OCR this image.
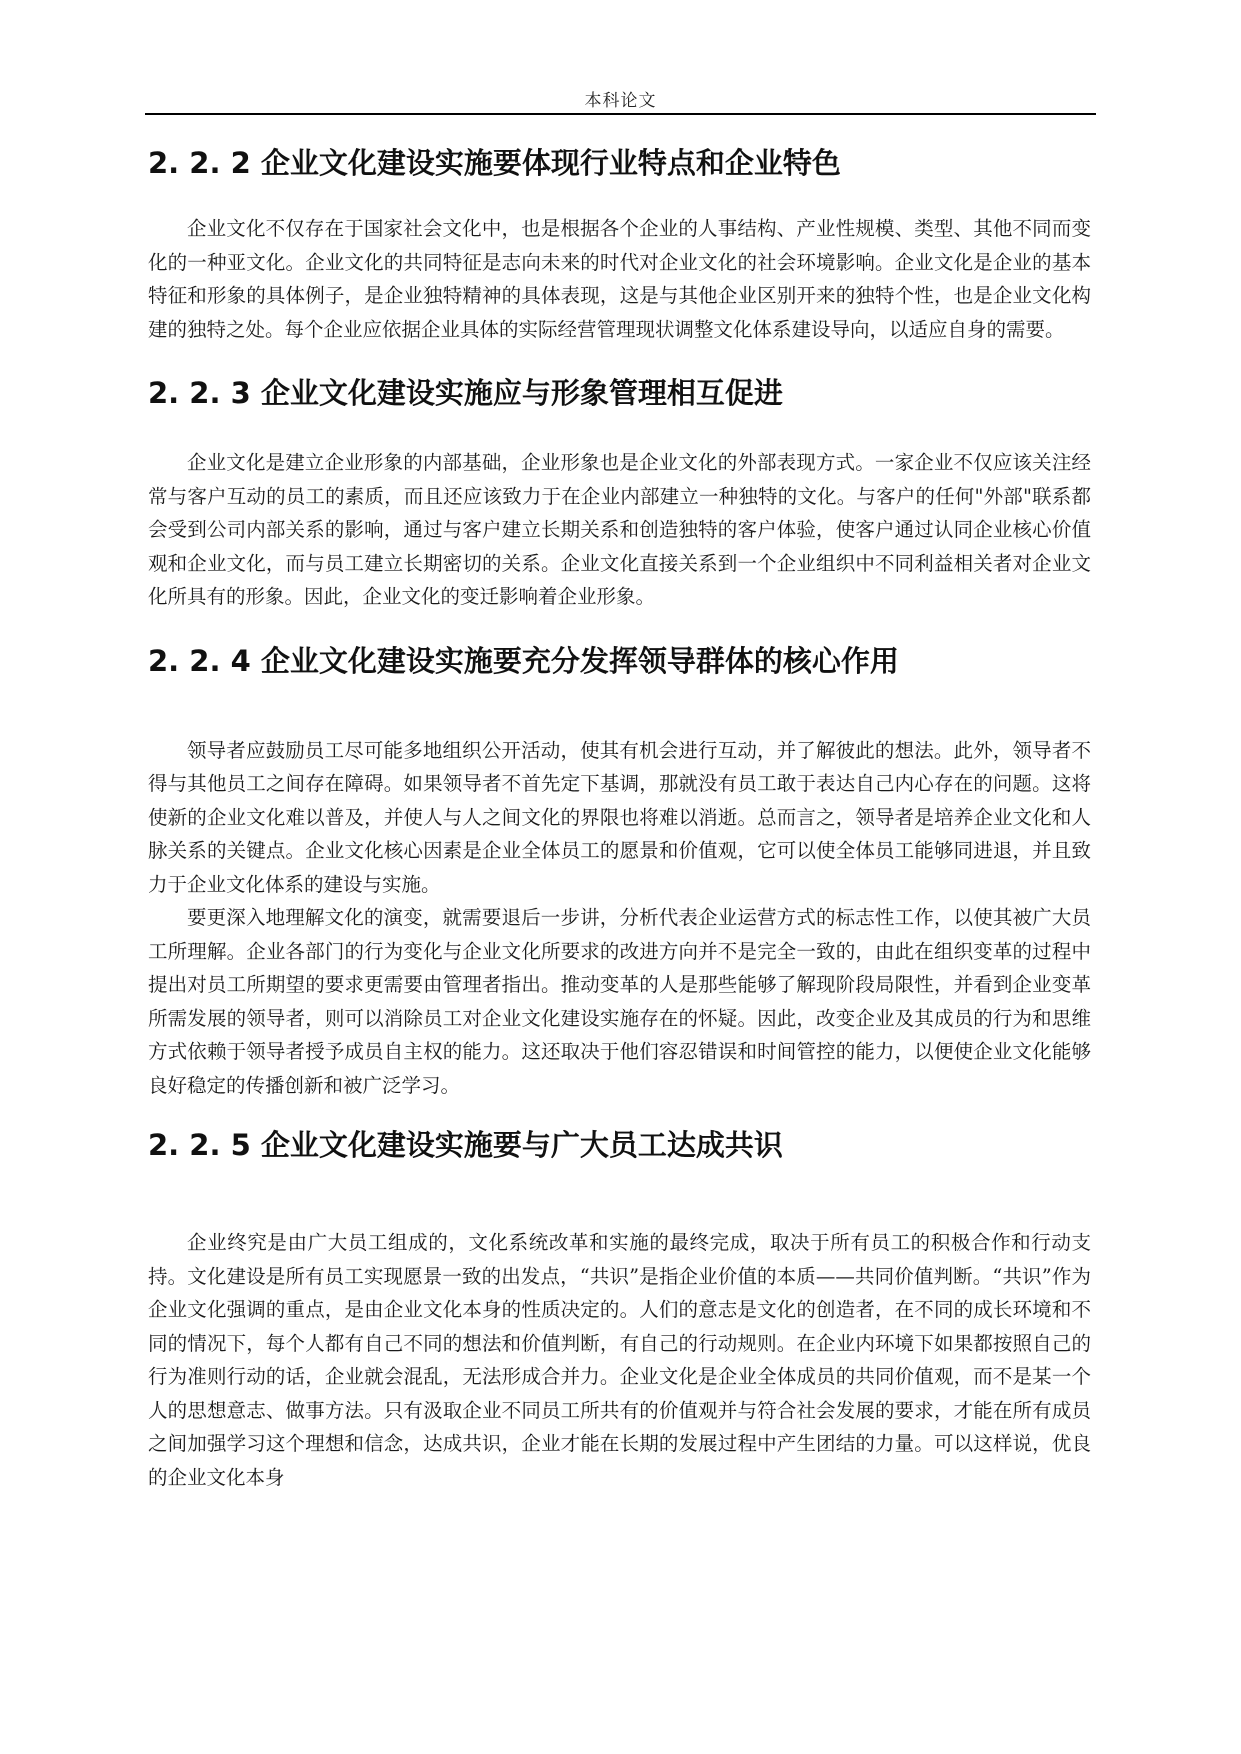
本科论文
2. 2. 2 企业文化建设实施要体现行业特点和企业特色

企业文化不仅存在于国家社会文化中，也是根据各个企业的人事结构、产业性规模、类型、其他不同而变化的一种亚文化。企业文化的共同特征是志向未来的时代对企业文化的社会环境影响。企业文化是企业的基本特征和形象的具体例子，是企业独特精神的具体表现，这是与其他企业区别开来的独特个性，也是企业文化构建的独特之处。每个企业应依据企业具体的实际经营管理现状调整文化体系建设导向，以适应自身的需要。

2. 2. 3 企业文化建设实施应与形象管理相互促进

企业文化是建立企业形象的内部基础，企业形象也是企业文化的外部表现方式。一家企业不仅应该关注经常与客户互动的员工的素质，而且还应该致力于在企业内部建立一种独特的文化。与客户的任何"外部"联系都会受到公司内部关系的影响，通过与客户建立长期关系和创造独特的客户体验，使客户通过认同企业核心价值观和企业文化，而与员工建立长期密切的关系。企业文化直接关系到一个企业组织中不同利益相关者对企业文化所具有的形象。因此，企业文化的变迁影响着企业形象。

2. 2. 4 企业文化建设实施要充分发挥领导群体的核心作用

领导者应鼓励员工尽可能多地组织公开活动，使其有机会进行互动，并了解彼此的想法。此外，领导者不得与其他员工之间存在障碍。如果领导者不首先定下基调，那就没有员工敢于表达自己内心存在的问题。这将使新的企业文化难以普及，并使人与人之间文化的界限也将难以消逝。总而言之，领导者是培养企业文化和人脉关系的关键点。企业文化核心因素是企业全体员工的愿景和价值观，它可以使全体员工能够同进退，并且致力于企业文化体系的建设与实施。

要更深入地理解文化的演变，就需要退后一步讲，分析代表企业运营方式的标志性工作，以使其被广大员工所理解。企业各部门的行为变化与企业文化所要求的改进方向并不是完全一致的，由此在组织变革的过程中提出对员工所期望的要求更需要由管理者指出。推动变革的人是那些能够了解现阶段局限性，并看到企业变革所需发展的领导者，则可以消除员工对企业文化建设实施存在的怀疑。因此，改变企业及其成员的行为和思维方式依赖于领导者授予成员自主权的能力。这还取决于他们容忍错误和时间管控的能力，以便使企业文化能够良好稳定的传播创新和被广泛学习。

2. 2. 5 企业文化建设实施要与广大员工达成共识

企业终究是由广大员工组成的，文化系统改革和实施的最终完成，取决于所有员工的积极合作和行动支持。文化建设是所有员工实现愿景一致的出发点，“共识”是指企业价值的本质——共同价值判断。“共识”作为企业文化强调的重点，是由企业文化本身的性质决定的。人们的意志是文化的创造者，在不同的成长环境和不同的情况下，每个人都有自己不同的想法和价值判断，有自己的行动规则。在企业内环境下如果都按照自己的行为准则行动的话，企业就会混乱，无法形成合并力。企业文化是企业全体成员的共同价值观，而不是某一个人的思想意志、做事方法。只有汲取企业不同员工所共有的价值观并与符合社会发展的要求，才能在所有成员之间加强学习这个理想和信念，达成共识，企业才能在长期的发展过程中产生团结的力量。可以这样说，优良的企业文化本身
